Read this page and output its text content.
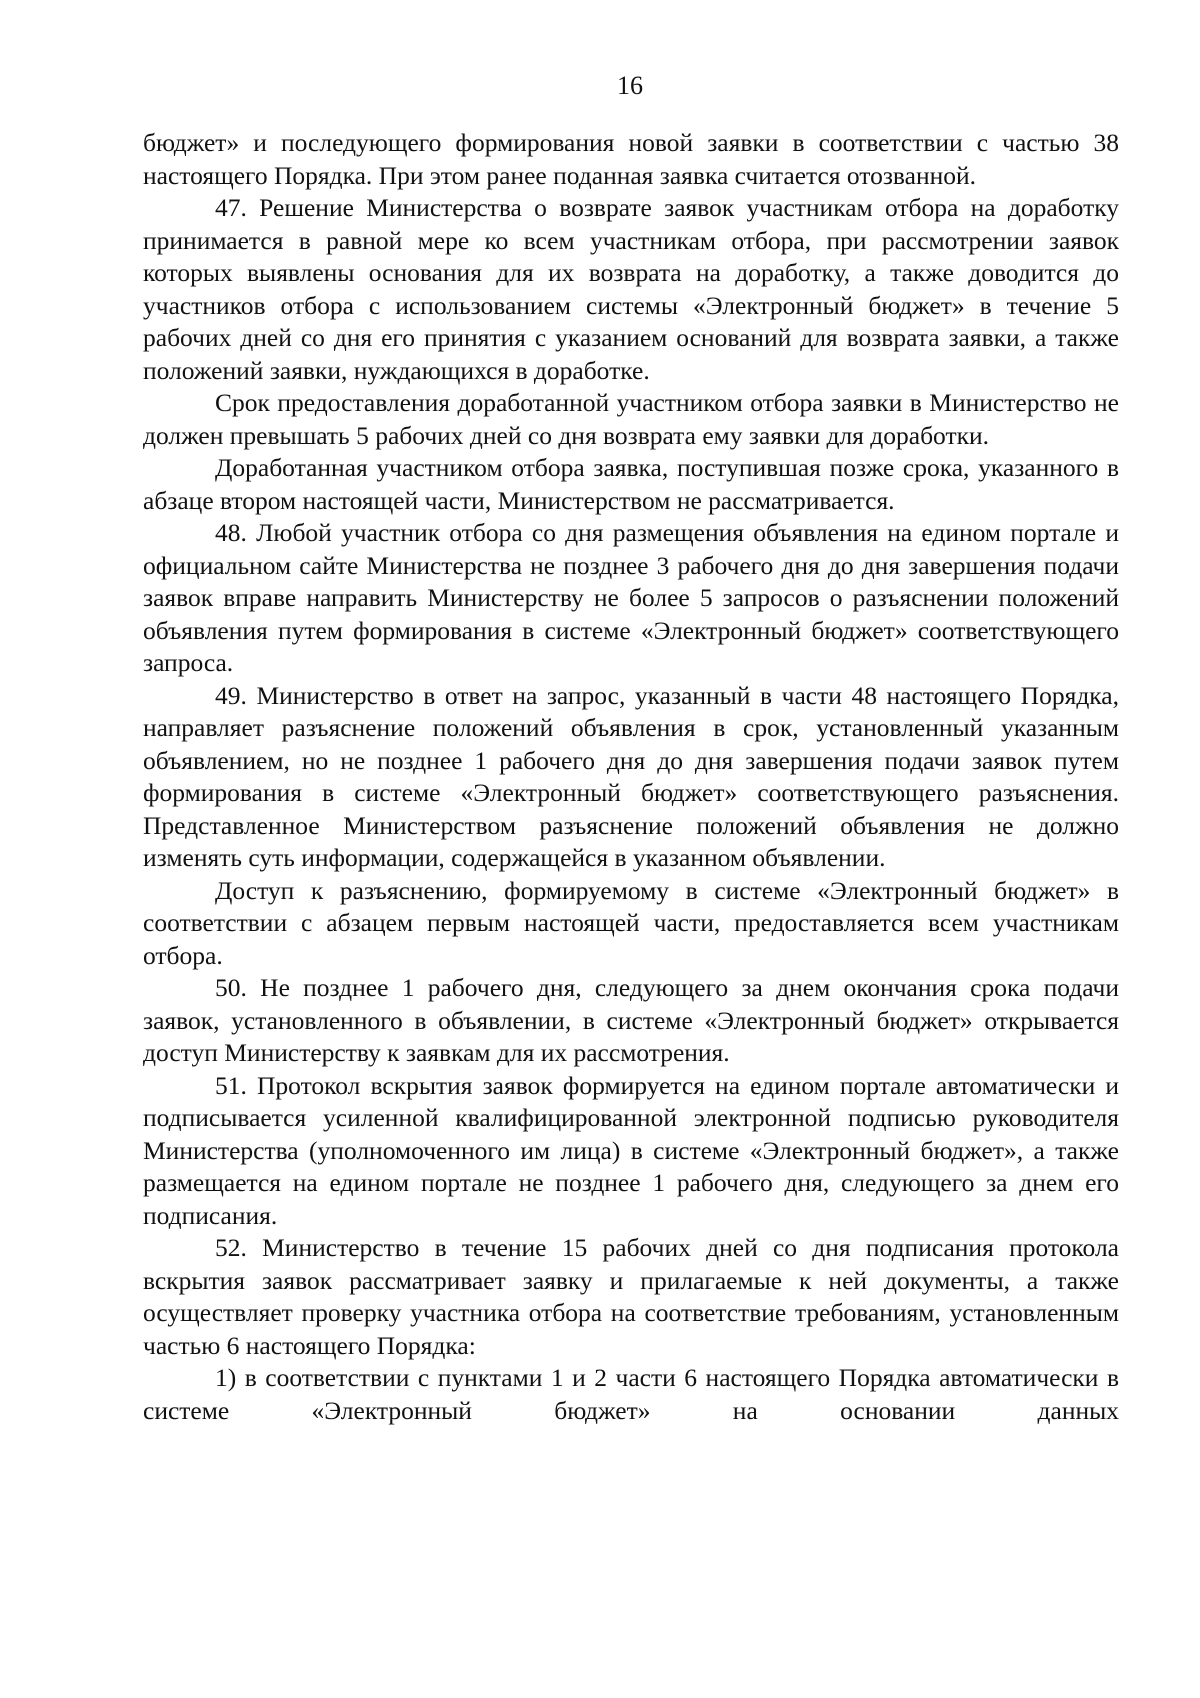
16

бюджет» и последующего формирования новой заявки в соответствии с частью 38 настоящего Порядка. При этом ранее поданная заявка считается отозванной.

47. Решение Министерства о возврате заявок участникам отбора на доработку принимается в равной мере ко всем участникам отбора, при рассмотрении заявок которых выявлены основания для их возврата на доработку, а также доводится до участников отбора с использованием системы «Электронный бюджет» в течение 5 рабочих дней со дня его принятия с указанием оснований для возврата заявки, а также положений заявки, нуждающихся в доработке.

Срок предоставления доработанной участником отбора заявки в Министерство не должен превышать 5 рабочих дней со дня возврата ему заявки для доработки.

Доработанная участником отбора заявка, поступившая позже срока, указанного в абзаце втором настоящей части, Министерством не рассматривается.

48. Любой участник отбора со дня размещения объявления на едином портале и официальном сайте Министерства не позднее 3 рабочего дня до дня завершения подачи заявок вправе направить Министерству не более 5 запросов о разъяснении положений объявления путем формирования в системе «Электронный бюджет» соответствующего запроса.

49. Министерство в ответ на запрос, указанный в части 48 настоящего Порядка, направляет разъяснение положений объявления в срок, установленный указанным объявлением, но не позднее 1 рабочего дня до дня завершения подачи заявок путем формирования в системе «Электронный бюджет» соответствующего разъяснения. Представленное Министерством разъяснение положений объявления не должно изменять суть информации, содержащейся в указанном объявлении.

Доступ к разъяснению, формируемому в системе «Электронный бюджет» в соответствии с абзацем первым настоящей части, предоставляется всем участникам отбора.

50. Не позднее 1 рабочего дня, следующего за днем окончания срока подачи заявок, установленного в объявлении, в системе «Электронный бюджет» открывается доступ Министерству к заявкам для их рассмотрения.

51. Протокол вскрытия заявок формируется на едином портале автоматически и подписывается усиленной квалифицированной электронной подписью руководителя Министерства (уполномоченного им лица) в системе «Электронный бюджет», а также размещается на едином портале не позднее 1 рабочего дня, следующего за днем его подписания.

52. Министерство в течение 15 рабочих дней со дня подписания протокола вскрытия заявок рассматривает заявку и прилагаемые к ней документы, а также осуществляет проверку участника отбора на соответствие требованиям, установленным частью 6 настоящего Порядка:

1) в соответствии с пунктами 1 и 2 части 6 настоящего Порядка автоматически в системе «Электронный бюджет» на основании данных
